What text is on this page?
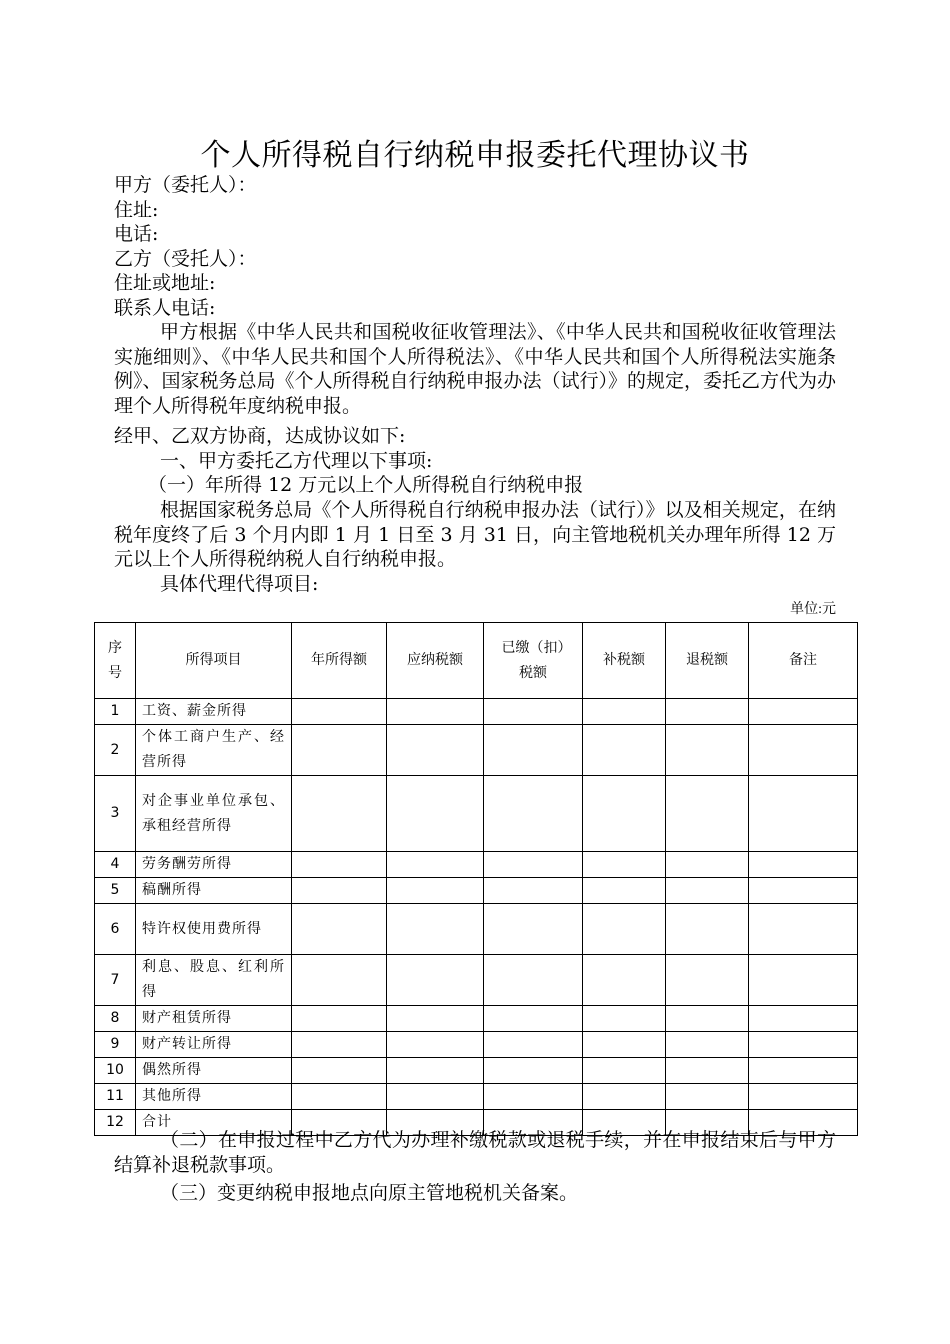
个人所得税自行纳税申报委托代理协议书
甲方（委托人）：
住址:
电话:
乙方（受托人）：
住址或地址:
联系人电话:
甲方根据《中华人民共和国税收征收管理法》、《中华人民共和国税收征收管理法实施细则》、《中华人民共和国个人所得税法》、《中华人民共和国个人所得税法实施条例》、国家税务总局《个人所得税自行纳税申报办法（试行）》的规定，委托乙方代为办理个人所得税年度纳税申报。
经甲、乙双方协商，达成协议如下:
一、甲方委托乙方代理以下事项:
（一）年所得 12 万元以上个人所得税自行纳税申报
根据国家税务总局《个人所得税自行纳税申报办法（试行）》以及相关规定，在纳税年度终了后 3 个月内即 1 月 1 日至 3 月 31 日，向主管地税机关办理年所得 12 万元以上个人所得税纳税人自行纳税申报。
具体代理代得项目:
单位:元
序号	所得项目	年所得额	应纳税额	已缴（扣）税额	补税额	退税额	备注
1	工资、薪金所得						
2	个体工商户生产、经营所得						
3	对企事业单位承包、承租经营所得						
4	劳务酬劳所得						
5	稿酬所得						
6	特许权使用费所得						
7	利息、股息、红利所得						
8	财产租赁所得						
9	财产转让所得						
10	偶然所得						
11	其他所得						
12	合计						
（二）在申报过程中乙方代为办理补缴税款或退税手续，并在申报结束后与甲方结算补退税款事项。
（三）变更纳税申报地点向原主管地税机关备案。
